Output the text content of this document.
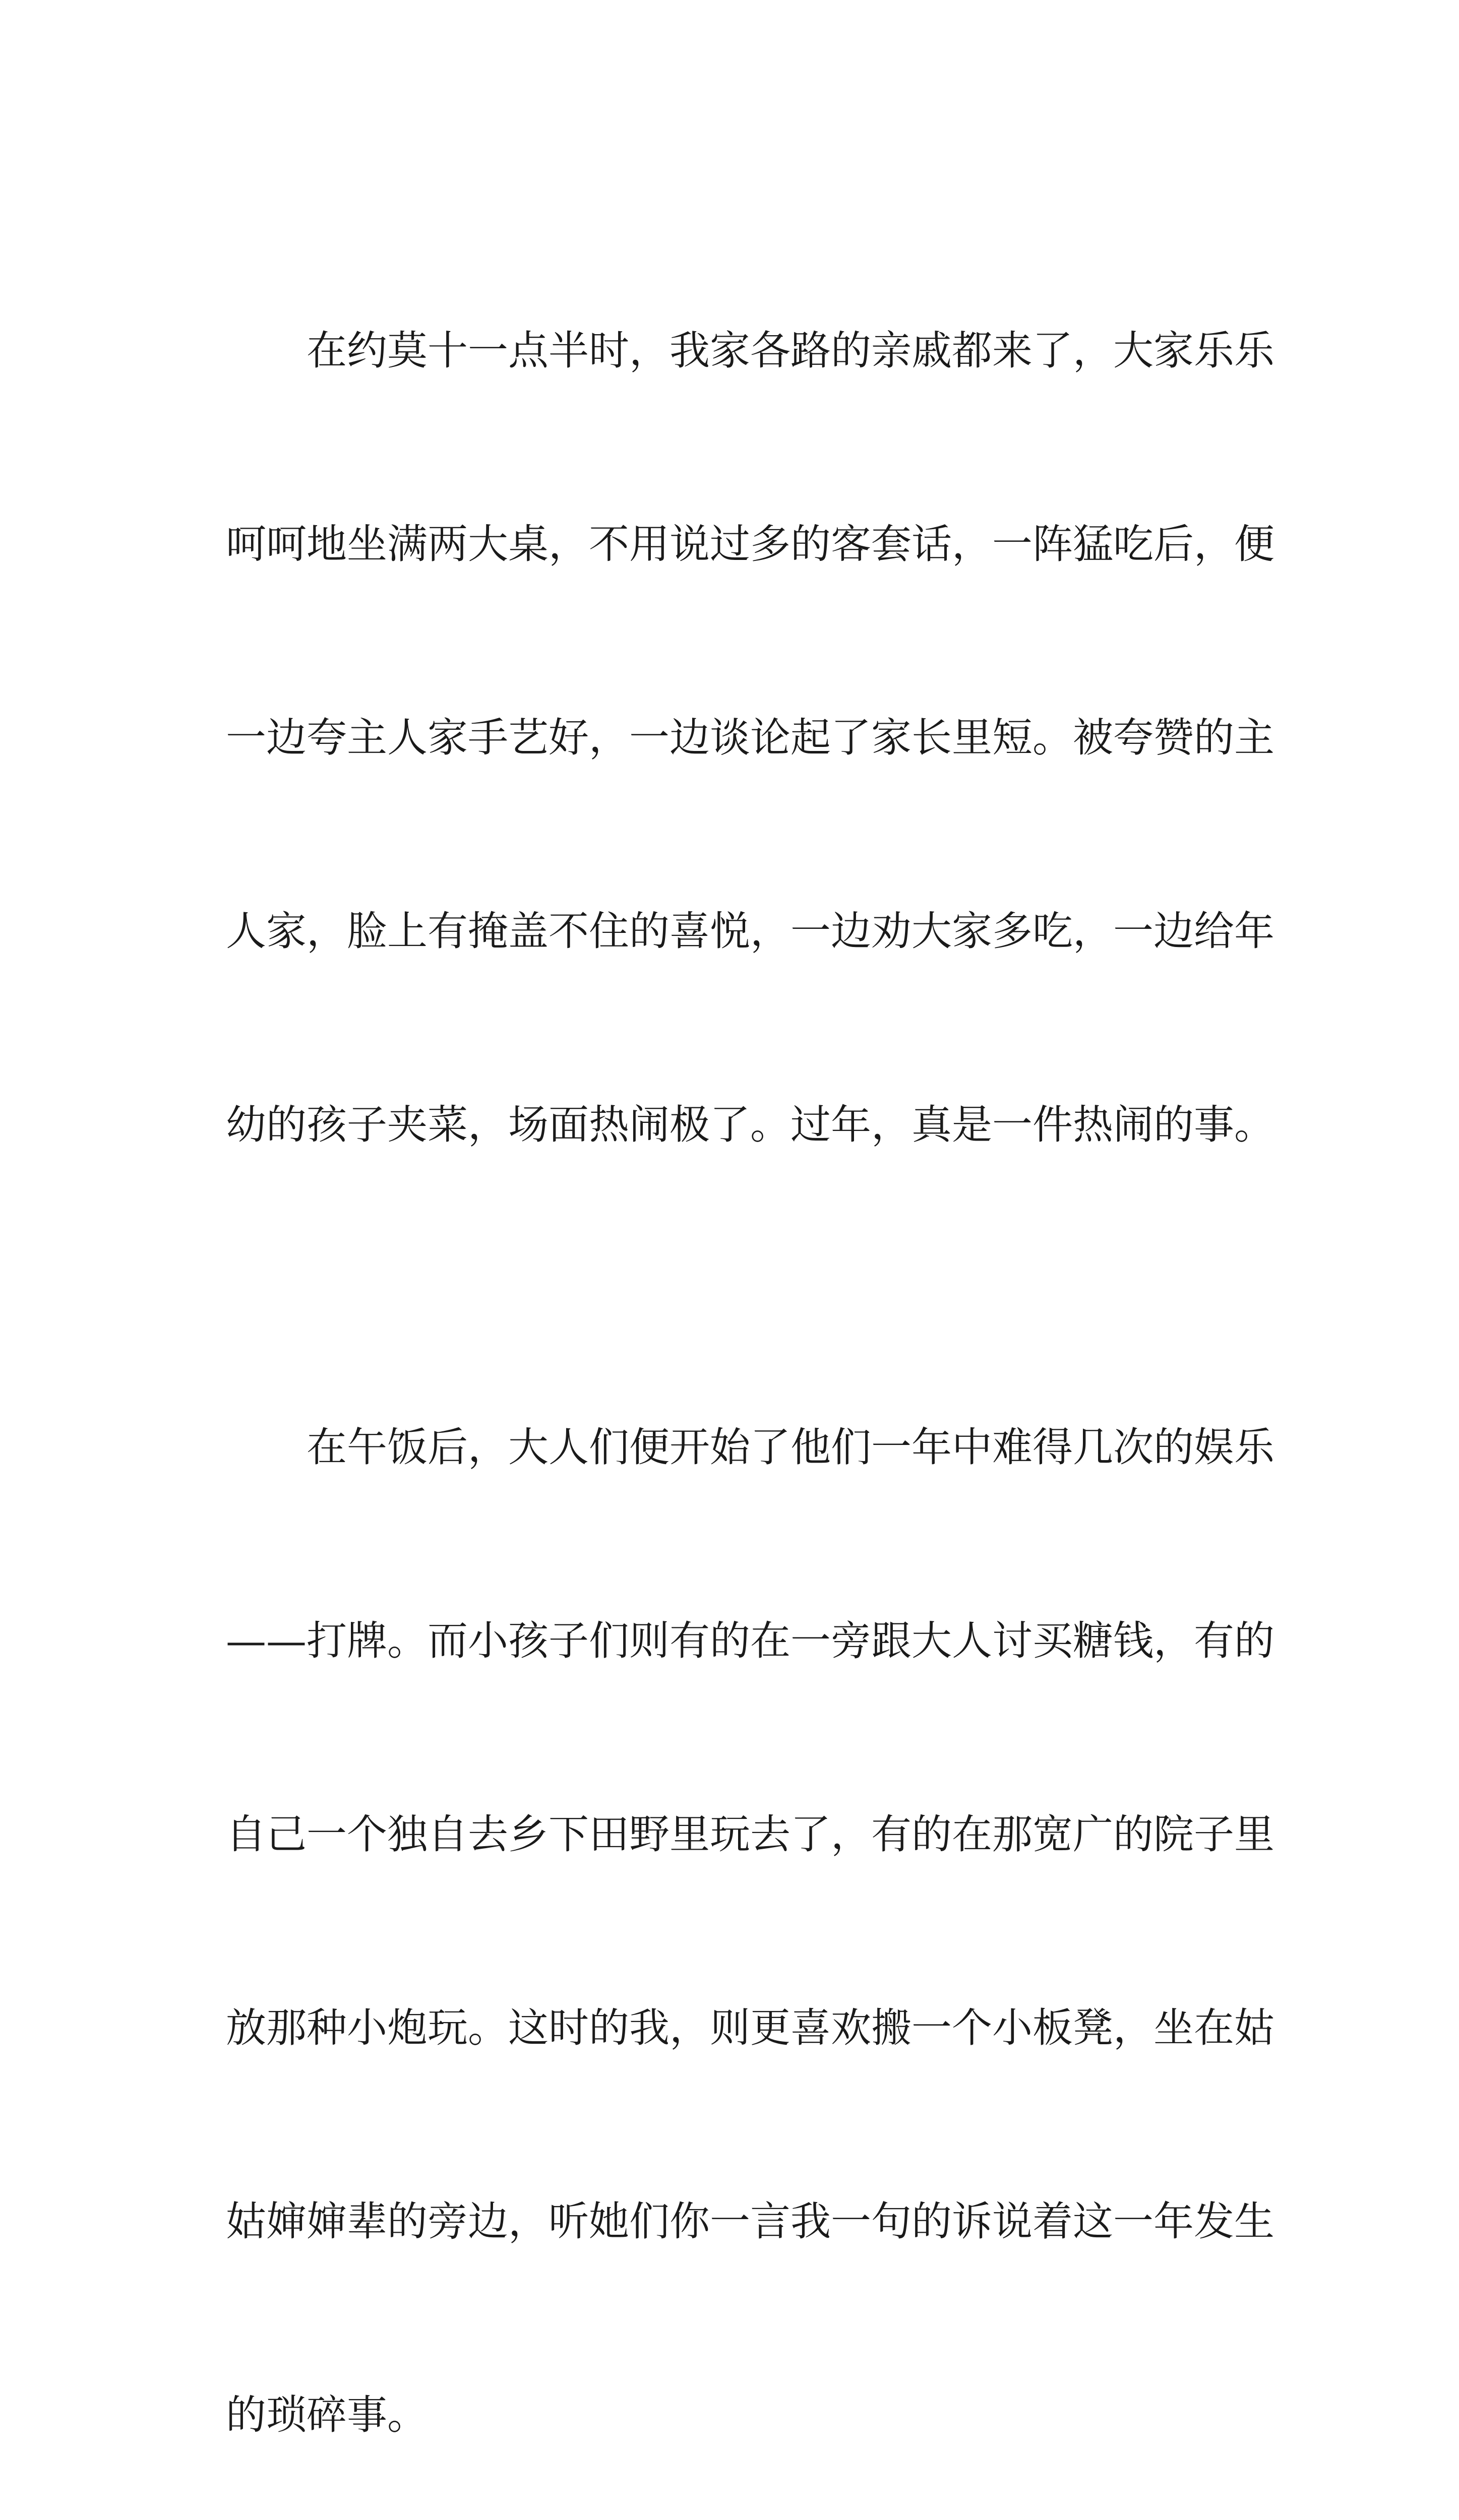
　　在约莫十一点半时，我家各路的亲戚都来了，大家乐乐

呵呵地坐满两大桌，不用说过多的客套话，一阵猛吃后，便

一边夸主人家手艺好，一边谈论起了家长里短。被夸赞的主

人家，脸上有掩盖不住的喜悦，一边劝大家多吃，一边给年

幼的孩子夹菜，场面热闹极了。过年，真是一件热闹的事。

　　在午饭后，大人们便开始了他们一年中难得几次的娱乐

——打牌。而小孩子们则有的在一旁跟大人讨买糖钱，有的

自己一个独自去乡下田野里玩去了，有的在那宽广的院子里

放那种小炮玩。这时的我，则更喜欢搬一个小板凳，坐在姑

姑婶婶辈的旁边，听她们你一言我一句的诉说着这一年发生

的琐碎事。
